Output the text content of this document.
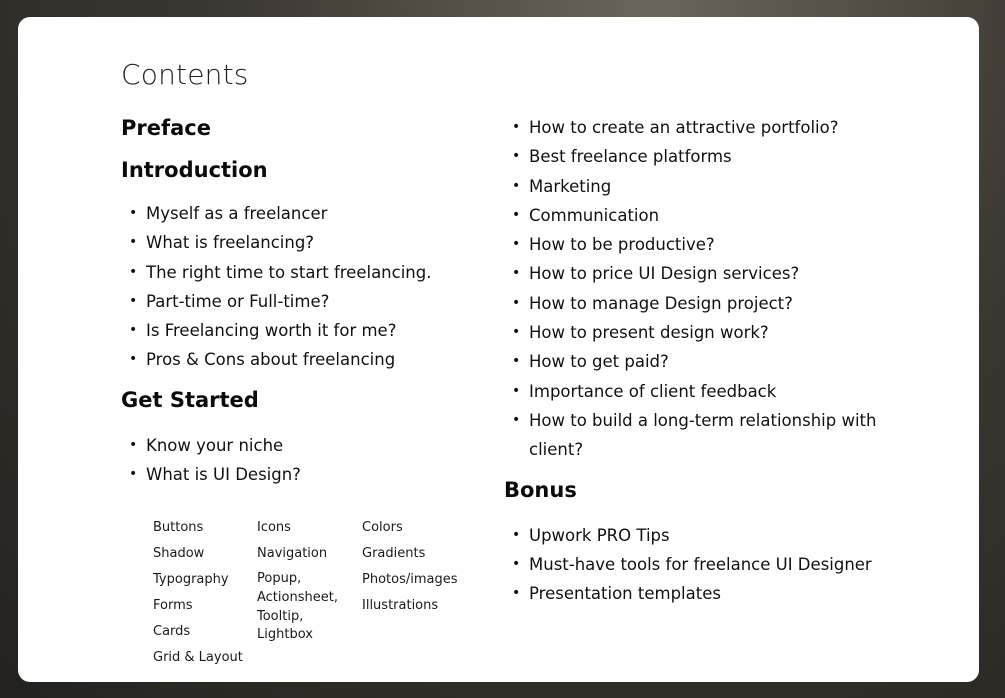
Contents
Preface
Introduction
• Myself as a freelancer
• What is freelancing?
• The right time to start freelancing.
• Part-time or Full-time?
• Is Freelancing worth it for me?
• Pros & Cons about freelancing
Get Started
• Know your niche
• What is UI Design?
Buttons
Shadow
Typography
Forms
Cards
Grid & Layout
Icons
Navigation
Popup, Actionsheet, Tooltip, Lightbox
Colors
Gradients
Photos/images
Illustrations
• How to create an attractive portfolio?
• Best freelance platforms
• Marketing
• Communication
• How to be productive?
• How to price UI Design services?
• How to manage Design project?
• How to present design work?
• How to get paid?
• Importance of client feedback
• How to build a long-term relationship with client?
Bonus
• Upwork PRO Tips
• Must-have tools for freelance UI Designer
• Presentation templates
